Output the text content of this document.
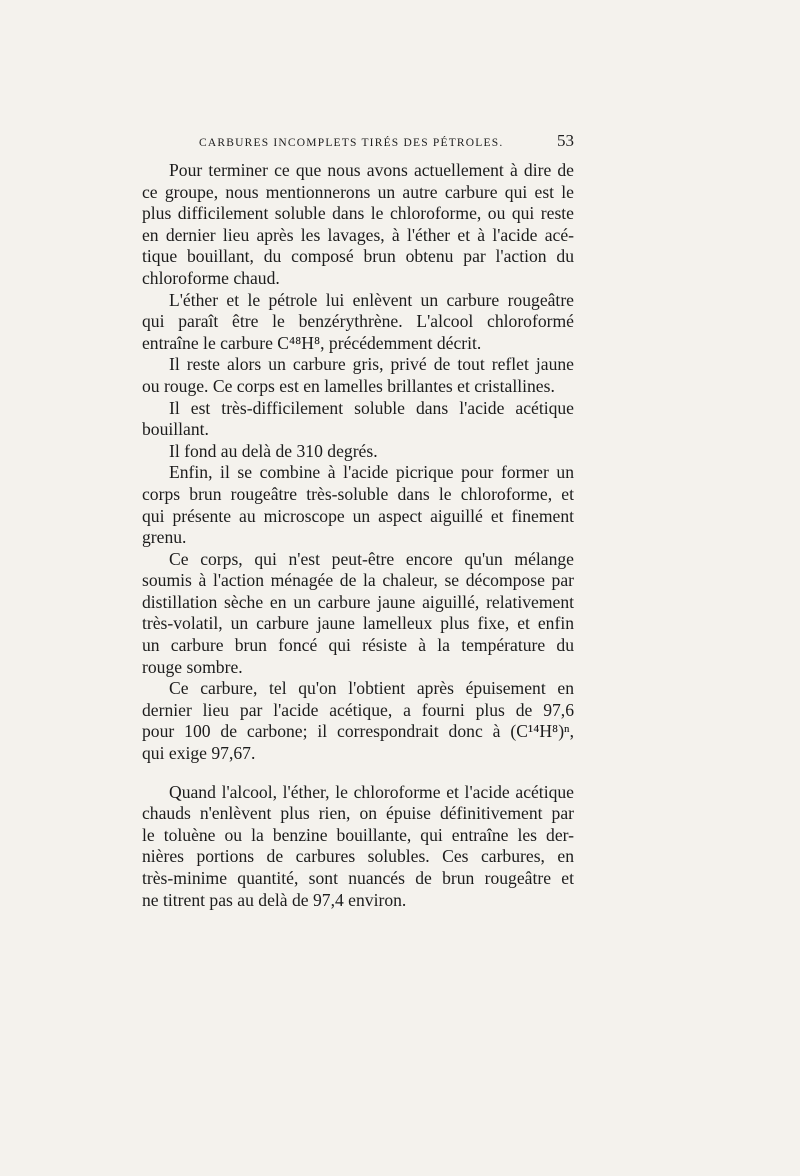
CARBURES INCOMPLETS TIRÉS DES PÉTROLES.	53
Pour terminer ce que nous avons actuellement à dire de
ce groupe, nous mentionnerons un autre carbure qui est le
plus difficilement soluble dans le chloroforme, ou qui reste
en dernier lieu après les lavages, à l'éther et à l'acide acé-
tique bouillant, du composé brun obtenu par l'action du
chloroforme chaud.
L'éther et le pétrole lui enlèvent un carbure rougeâtre
qui paraît être le benzérythrène. L'alcool chloroformé
entraîne le carbure C⁴⁸H⁸, précédemment décrit.
Il reste alors un carbure gris, privé de tout reflet jaune
ou rouge. Ce corps est en lamelles brillantes et cristallines.
Il est très-difficilement soluble dans l'acide acétique
bouillant.
Il fond au delà de 310 degrés.
Enfin, il se combine à l'acide picrique pour former un
corps brun rougeâtre très-soluble dans le chloroforme, et
qui présente au microscope un aspect aiguillé et finement
grenu.
Ce corps, qui n'est peut-être encore qu'un mélange
soumis à l'action ménagée de la chaleur, se décompose par
distillation sèche en un carbure jaune aiguillé, relativement
très-volatil, un carbure jaune lamelleux plus fixe, et enfin
un carbure brun foncé qui résiste à la température du
rouge sombre.
Ce carbure, tel qu'on l'obtient après épuisement en
dernier lieu par l'acide acétique, a fourni plus de 97,6
pour 100 de carbone; il correspondrait donc à (C¹⁴H⁸)ⁿ,
qui exige 97,67.
Quand l'alcool, l'éther, le chloroforme et l'acide acétique
chauds n'enlèvent plus rien, on épuise définitivement par
le toluène ou la benzine bouillante, qui entraîne les der-
nières portions de carbures solubles. Ces carbures, en
très-minime quantité, sont nuancés de brun rougeâtre et
ne titrent pas au delà de 97,4 environ.
